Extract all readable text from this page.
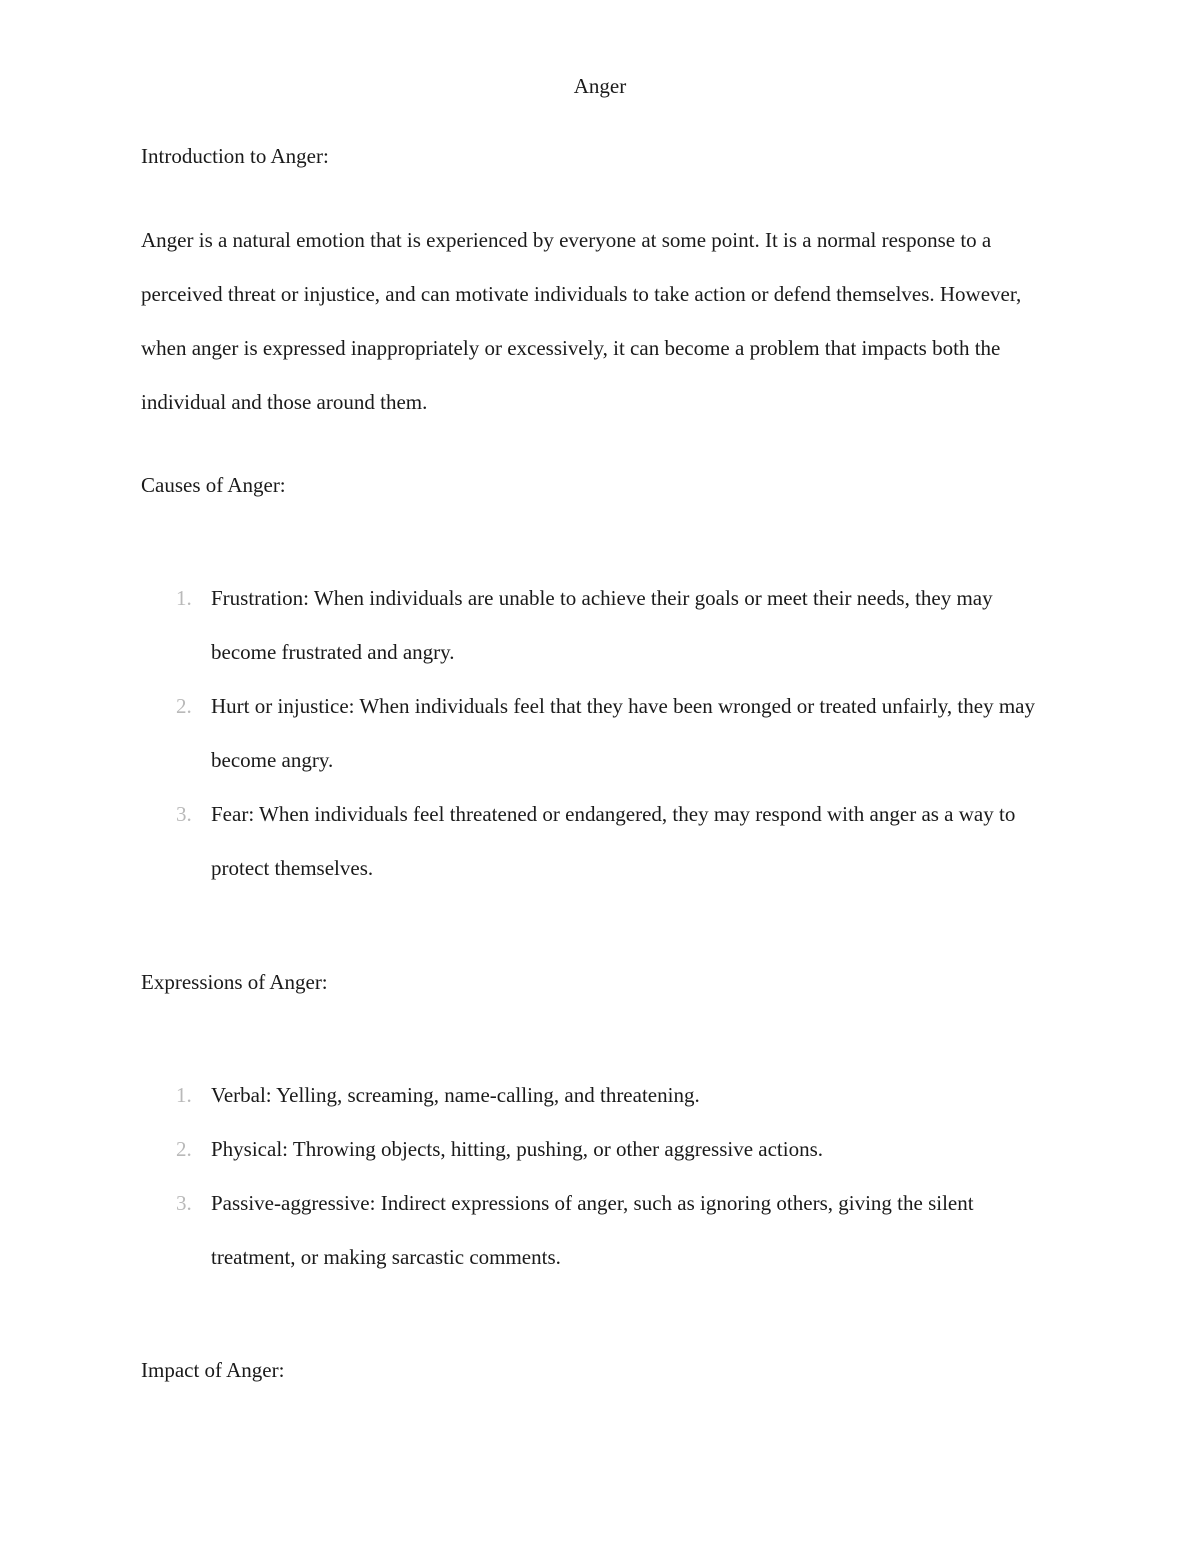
Anger
Introduction to Anger:

Anger is a natural emotion that is experienced by everyone at some point. It is a normal response to a perceived threat or injustice, and can motivate individuals to take action or defend themselves. However, when anger is expressed inappropriately or excessively, it can become a problem that impacts both the individual and those around them.

Causes of Anger:
1. Frustration: When individuals are unable to achieve their goals or meet their needs, they may become frustrated and angry.
2. Hurt or injustice: When individuals feel that they have been wronged or treated unfairly, they may become angry.
3. Fear: When individuals feel threatened or endangered, they may respond with anger as a way to protect themselves.
Expressions of Anger:
1. Verbal: Yelling, screaming, name-calling, and threatening.
2. Physical: Throwing objects, hitting, pushing, or other aggressive actions.
3. Passive-aggressive: Indirect expressions of anger, such as ignoring others, giving the silent treatment, or making sarcastic comments.
Impact of Anger:
